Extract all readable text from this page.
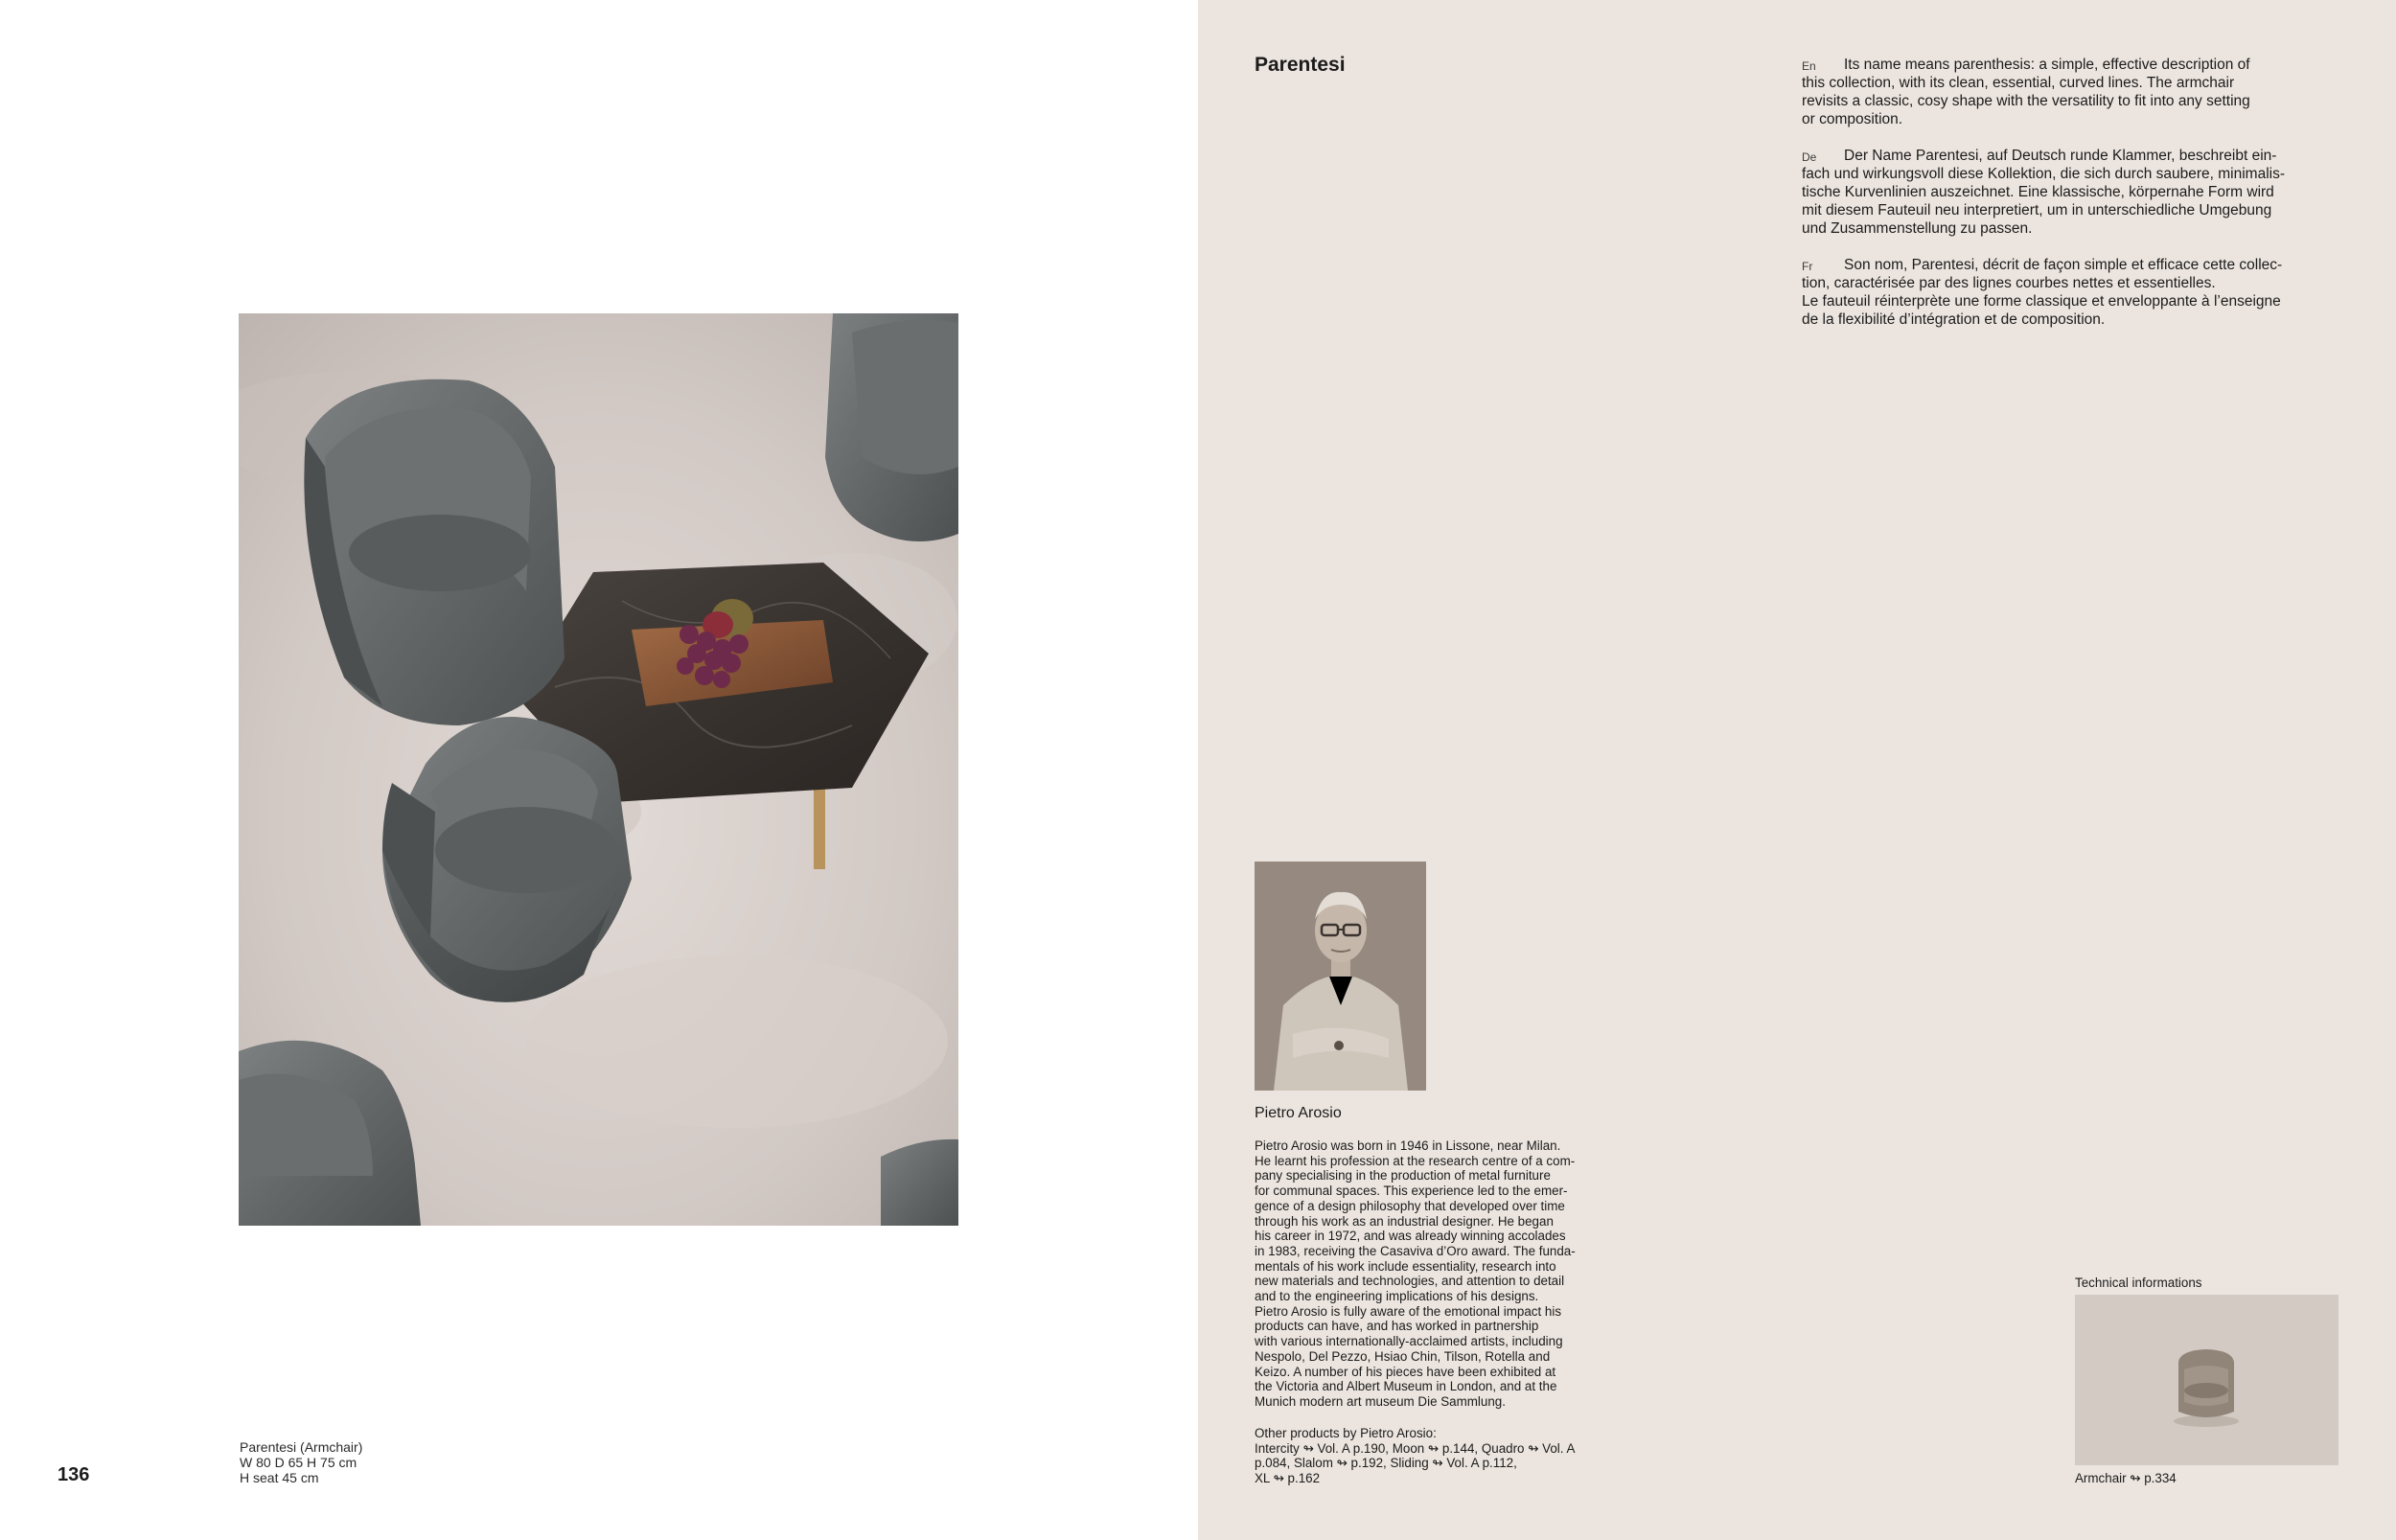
Parentesi (Armchair)
W 80 D 65 H 75 cm
H seat 45 cm
136
Parentesi	En	Its name means parenthesis: a simple, effective description of
this collection, with its clean, essential, curved lines. The armchair
revisits a classic, cosy shape with the versatility to fit into any setting
or composition.
De	Der Name Parentesi, auf Deutsch runde Klammer, beschreibt ein-
fach und wirkungsvoll diese Kollektion, die sich durch saubere, minimalis-
tische Kurvenlinien auszeichnet. Eine klassische, körpernahe Form wird
mit diesem Fauteuil neu interpretiert, um in unterschiedliche Umgebung
und Zusammenstellung zu passen.
Fr	Son nom, Parentesi, décrit de façon simple et efficace cette collec-
tion, caractérisée par des lignes courbes nettes et essentielles.
Le fauteuil réinterprète une forme classique et enveloppante à l’enseigne
de la flexibilité d’intégration et de composition.
Pietro Arosio
Pietro Arosio was born in 1946 in Lissone, near Milan.
He learnt his profession at the research centre of a com-
pany specialising in the production of metal furniture
for communal spaces. This experience led to the emer-
gence of a design philosophy that developed over time
through his work as an industrial designer. He began
his career in 1972, and was already winning accolades
in 1983, receiving the Casaviva d’Oro award. The funda-
mentals of his work include essentiality, research into
new materials and technologies, and attention to detail
and to the engineering implications of his designs.
Pietro Arosio is fully aware of the emotional impact his
products can have, and has worked in partnership
with various internationally-acclaimed artists, including
Nespolo, Del Pezzo, Hsiao Chin, Tilson, Rotella and
Keizo. A number of his pieces have been exhibited at
the Victoria and Albert Museum in London, and at the
Munich modern art museum Die Sammlung.
Other products by Pietro Arosio:
Intercity ↬ Vol. A p.190, Moon ↬ p.144, Quadro ↬ Vol. A
p.084, Slalom ↬ p.192, Sliding ↬ Vol. A p.112,
XL ↬ p.162
Technical informations
Armchair ↬ p.334
